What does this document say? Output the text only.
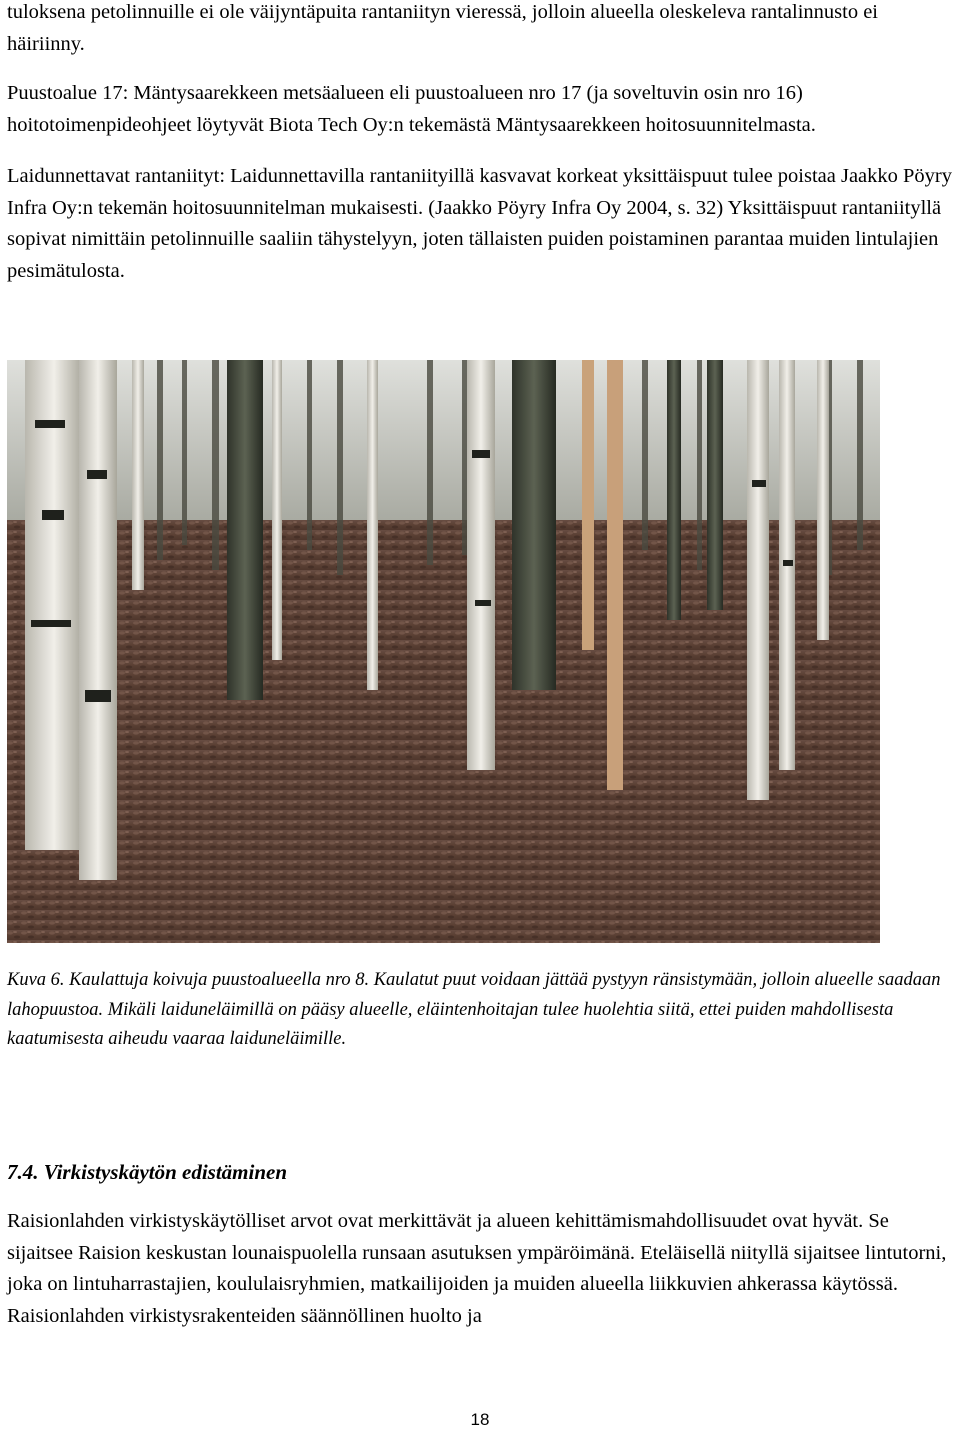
tuloksena petolinnuille ei ole väijyntäpuita rantaniityn vieressä, jolloin alueella oleskeleva rantalinnusto ei häiriinny.

Puustoalue 17: Mäntysaarekkeen metsäalueen eli puustoalueen nro 17 (ja soveltuvin osin nro 16) hoitotoimenpideohjeet löytyvät Biota Tech Oy:n tekemästä Mäntysaarekkeen hoitosuunnitelmasta.

Laidunnettavat rantaniityt: Laidunnettavilla rantaniityillä kasvavat korkeat yksittäispuut tulee poistaa Jaakko Pöyry Infra Oy:n tekemän hoitosuunnitelman mukaisesti. (Jaakko Pöyry Infra Oy 2004, s. 32) Yksittäispuut rantaniityllä sopivat nimittäin petolinnuille saaliin tähystelyyn, joten tällaisten puiden poistaminen parantaa muiden lintulajien pesimätulosta.

Kuva 6. Kaulattuja koivuja puustoalueella nro 8. Kaulatut puut voidaan jättää pystyyn ränsistymään, jolloin alueelle saadaan lahopuustoa. Mikäli laiduneläimillä on pääsy alueelle, eläintenhoitajan tulee huolehtia siitä, ettei puiden mahdollisesta kaatumisesta aiheudu vaaraa laiduneläimille.

7.4. Virkistyskäytön edistäminen

Raisionlahden virkistyskäytölliset arvot ovat merkittävät ja alueen kehittämismahdollisuudet ovat hyvät. Se sijaitsee Raision keskustan lounaispuolella runsaan asutuksen ympäröimänä. Eteläisellä niityllä sijaitsee lintutorni, joka on lintuharrastajien, koululaisryhmien, matkailijoiden ja muiden alueella liikkuvien ahkerassa käytössä. Raisionlahden virkistysrakenteiden säännöllinen huolto ja

18
